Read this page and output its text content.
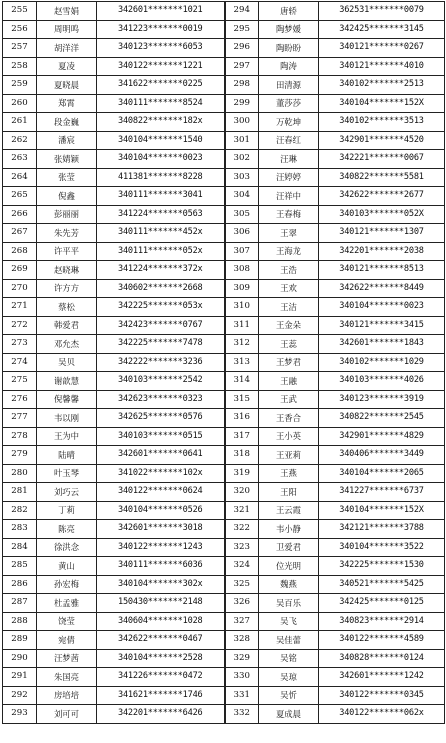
255	赵雪娟	342601*******1021	294	唐轿	362531*******0079
256	周明鸣	341223*******0019	295	陶梦媛	342425*******3145
257	胡洋洋	340123*******6053	296	陶盼盼	340121*******0267
258	夏凌	340122*******1221	297	陶涛	340121*******4010
259	夏晓晨	341622*******0225	298	田清源	340102*******2513
260	郑霄	340111*******8524	299	董莎莎	340104*******152X
261	段金巍	340822*******182x	300	万乾坤	340102*******3513
262	潘宸	340104*******1540	301	汪春红	342901*******4520
263	张婧颖	340104*******0023	302	汪琳	342221*******0067
264	张莹	411381*******8228	303	汪婷婷	340822*******5581
265	倪鑫	340111*******3041	304	汪祥中	342622*******2677
266	彭丽丽	341224*******0563	305	王春梅	340103*******052X
267	朱先芳	340111*******452x	306	王翠	340121*******1307
268	许平平	340111*******052x	307	王海龙	342201*******2038
269	赵晓琳	341224*******372x	308	王浩	340121*******8513
270	许方方	340602*******2668	309	王欢	342622*******8449
271	蔡松	342225*******053x	310	王洁	340104*******0023
272	韩爱君	342423*******0767	311	王金朵	340121*******3415
273	邓允杰	342225*******7478	312	王蕊	342601*******1843
274	吴贝	342222*******3236	313	王梦君	340102*******1029
275	谢歆慧	340103*******2542	314	王融	340103*******4026
276	倪馨馨	342623*******0323	315	王武	340123*******3919
277	韦以刚	342625*******0576	316	王香合	340822*******2545
278	王为中	340103*******0515	317	王小英	342901*******4829
279	陆晴	342601*******0641	318	王亚莉	340406*******3449
280	叶玉琴	341022*******102x	319	王燕	340104*******2065
281	刘巧云	340122*******0624	320	王阳	341227*******6737
282	丁莉	340104*******0526	321	王云霞	340104*******152X
283	陈亮	342601*******3018	322	韦小静	342121*******3788
284	徐洪念	340122*******1243	323	卫爱君	340104*******3522
285	黄山	340111*******6036	324	位光明	342225*******1530
286	孙宏梅	340104*******302x	325	魏燕	340521*******5425
287	杜孟雅	150430*******2148	326	吴百乐	342425*******0125
288	饶莹	340604*******1028	327	吴飞	340823*******2914
289	宛倩	342622*******0467	328	吴佳蕾	340122*******4589
290	汪梦茜	340104*******2528	329	吴铭	340828*******0124
291	朱国亮	341226*******0472	330	吴琼	342601*******1242
292	房培培	341621*******1746	331	吴忻	340122*******0345
293	刘可可	342201*******6426	332	夏成晨	340122*******062x
